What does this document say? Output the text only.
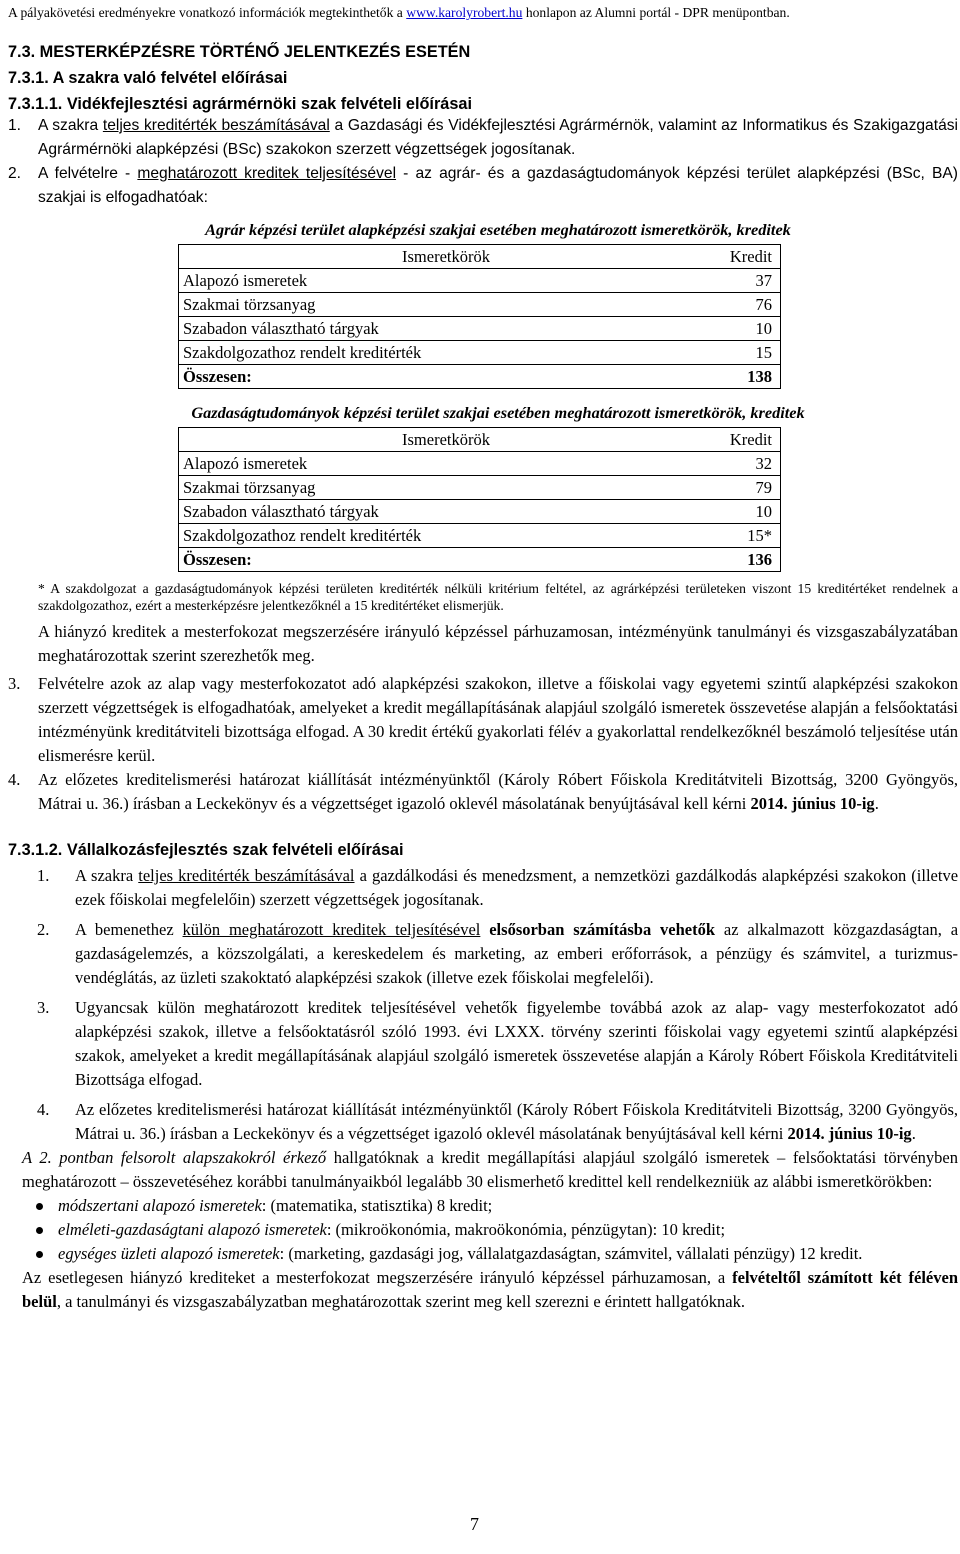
A pályakövetési eredményekre vonatkozó információk megtekinthetők a www.karolyrobert.hu honlapon az Alumni portál - DPR menüpontban.
7.3. MESTERKÉPZÉSRE TÖRTÉNŐ JELENTKEZÉS ESETÉN
7.3.1. A szakra való felvétel előírásai
7.3.1.1. Vidékfejlesztési agrármérnöki szak felvételi előírásai
1. A szakra teljes kreditérték beszámításával a Gazdasági és Vidékfejlesztési Agrármérnök, valamint az Informatikus és Szakigazgatási Agrármérnöki alapképzési (BSc) szakokon szerzett végzettségek jogosítanak.
2. A felvételre - meghatározott kreditek teljesítésével - az agrár- és a gazdaságtudományok képzési terület alapképzési (BSc, BA) szakjai is elfogadhatóak:
Agrár képzési terület alapképzési szakjai esetében meghatározott ismeretkörök, kreditek
Ismeretkörök	Kredit
Alapozó ismeretek	37
Szakmai törzsanyag	76
Szabadon választható tárgyak	10
Szakdolgozathoz rendelt kreditérték	15
Összesen:	138
Gazdaságtudományok képzési terület szakjai esetében meghatározott ismeretkörök, kreditek
Ismeretkörök	Kredit
Alapozó ismeretek	32
Szakmai törzsanyag	79
Szabadon választható tárgyak	10
Szakdolgozathoz rendelt kreditérték	15*
Összesen:	136
* A szakdolgozat a gazdaságtudományok képzési területen kreditérték nélküli kritérium feltétel, az agrárképzési területeken viszont 15 kreditértéket rendelnek a szakdolgozathoz, ezért a mesterképzésre jelentkezőknél a 15 kreditértéket elismerjük.
A hiányzó kreditek a mesterfokozat megszerzésére irányuló képzéssel párhuzamosan, intézményünk tanulmányi és vizsgaszabályzatában meghatározottak szerint szerezhetők meg.
3. Felvételre azok az alap vagy mesterfokozatot adó alapképzési szakokon, illetve a főiskolai vagy egyetemi szintű alapképzési szakokon szerzett végzettségek is elfogadhatóak, amelyeket a kredit megállapításának alapjául szolgáló ismeretek összevetése alapján a felsőoktatási intézményünk kreditátviteli bizottsága elfogad. A 30 kredit értékű gyakorlati félév a gyakorlattal rendelkezőknél beszámoló teljesítése után elismerésre kerül.
4. Az előzetes kreditelismerési határozat kiállítását intézményünktől (Károly Róbert Főiskola Kreditátviteli Bizottság, 3200 Gyöngyös, Mátrai u. 36.) írásban a Leckekönyv és a végzettséget igazoló oklevél másolatának benyújtásával kell kérni 2014. június 10-ig.
7.3.1.2. Vállalkozásfejlesztés szak felvételi előírásai
1. A szakra teljes kreditérték beszámításával a gazdálkodási és menedzsment, a nemzetközi gazdálkodás alapképzési szakokon (illetve ezek főiskolai megfelelőin) szerzett végzettségek jogosítanak.
2. A bemenethez külön meghatározott kreditek teljesítésével elsősorban számításba vehetők az alkalmazott közgazdaságtan, a gazdaságelemzés, a közszolgálati, a kereskedelem és marketing, az emberi erőforrások, a pénzügy és számvitel, a turizmus-vendéglátás, az üzleti szakoktató alapképzési szakok (illetve ezek főiskolai megfelelői).
3. Ugyancsak külön meghatározott kreditek teljesítésével vehetők figyelembe továbbá azok az alap- vagy mesterfokozatot adó alapképzési szakok, illetve a felsőoktatásról szóló 1993. évi LXXX. törvény szerinti főiskolai vagy egyetemi szintű alapképzési szakok, amelyeket a kredit megállapításának alapjául szolgáló ismeretek összevetése alapján a Károly Róbert Főiskola Kreditátviteli Bizottsága elfogad.
4. Az előzetes kreditelismerési határozat kiállítását intézményünktől (Károly Róbert Főiskola Kreditátviteli Bizottság, 3200 Gyöngyös, Mátrai u. 36.) írásban a Leckekönyv és a végzettséget igazoló oklevél másolatának benyújtásával kell kérni 2014. június 10-ig.
A 2. pontban felsorolt alapszakokról érkező hallgatóknak a kredit megállapítási alapjául szolgáló ismeretek – felsőoktatási törvényben meghatározott – összevetéséhez korábbi tanulmányaikból legalább 30 elismerhető kredittel kell rendelkezniük az alábbi ismeretkörökben:
módszertani alapozó ismeretek: (matematika, statisztika) 8 kredit;
elméleti-gazdaságtani alapozó ismeretek: (mikroökonómia, makroökonómia, pénzügytan): 10 kredit;
egységes üzleti alapozó ismeretek: (marketing, gazdasági jog, vállalatgazdaságtan, számvitel, vállalati pénzügy) 12 kredit.
Az esetlegesen hiányzó krediteket a mesterfokozat megszerzésére irányuló képzéssel párhuzamosan, a felvételtől számított két féléven belül, a tanulmányi és vizsgaszabályzatban meghatározottak szerint meg kell szerezni e érintett hallgatóknak.
7
